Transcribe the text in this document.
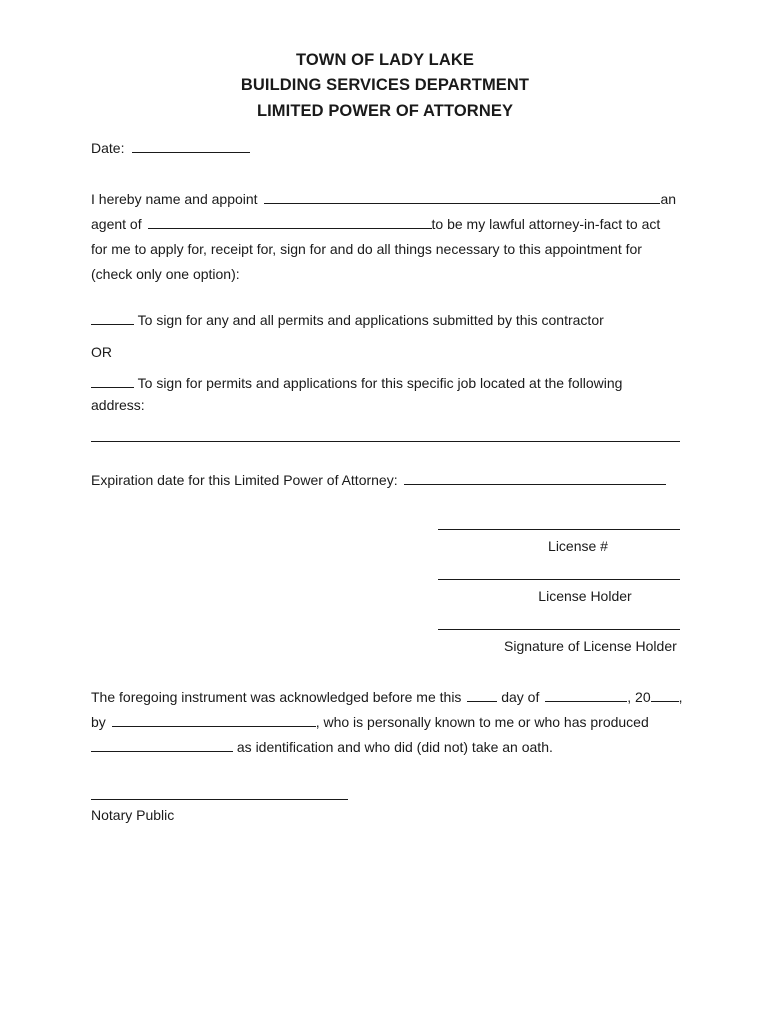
TOWN OF LADY LAKE
BUILDING SERVICES DEPARTMENT
LIMITED POWER OF ATTORNEY
Date:
I hereby name and appoint	an
agent of	to be my lawful attorney-in-fact to act
for me to apply for, receipt for, sign for and do all things necessary to this appointment for
(check only one option):
To sign for any and all permits and applications submitted by this contractor
OR
To sign for permits and applications for this specific job located at the following
address:
Expiration date for this Limited Power of Attorney:
License #
License Holder
Signature of License Holder
The foregoing instrument was acknowledged before me this	day of	, 20 ,
by	, who is personally known to me or who has produced
as identification and who did (did not) take an oath.
Notary Public
